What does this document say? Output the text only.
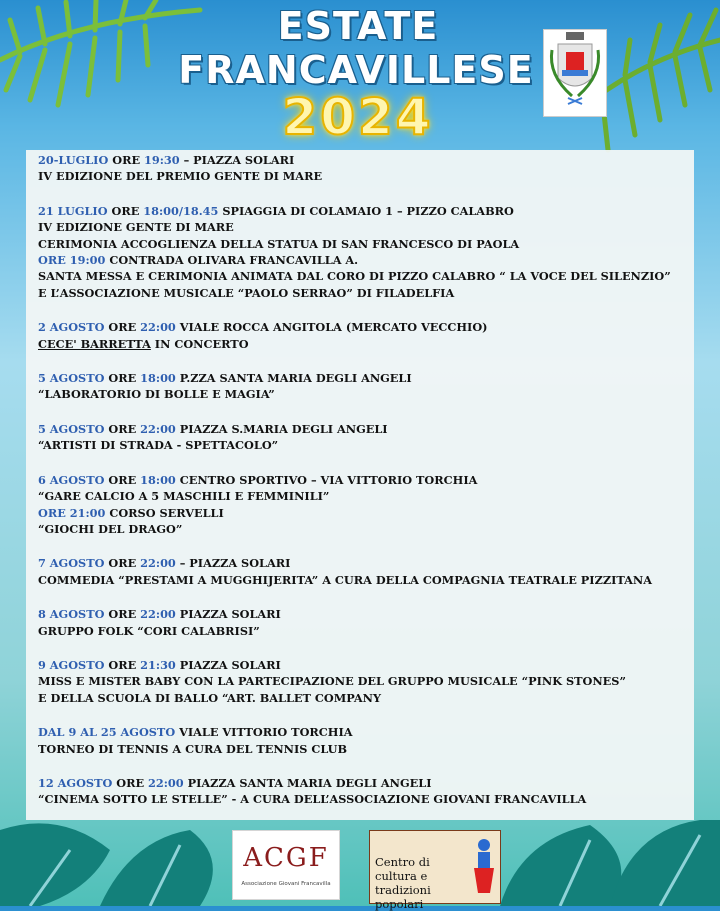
ESTATE
FRANCAVILLESE
2024
20-LUGLIO ORE 19:30 – PIAZZA SOLARI
IV EDIZIONE DEL PREMIO GENTE DI MARE
21 LUGLIO ORE 18:00/18.45 SPIAGGIA DI COLAMAIO 1 – PIZZO CALABRO
IV EDIZIONE GENTE DI MARE
CERIMONIA ACCOGLIENZA DELLA STATUA DI SAN FRANCESCO DI PAOLA
ORE 19:00 CONTRADA OLIVARA FRANCAVILLA A.
SANTA MESSA E CERIMONIA ANIMATA DAL CORO DI PIZZO CALABRO “ LA VOCE DEL SILENZIO”
E L’ASSOCIAZIONE MUSICALE “PAOLO SERRAO” DI FILADELFIA
2 AGOSTO ORE 22:00 VIALE ROCCA ANGITOLA (MERCATO VECCHIO)
CECE' BARRETTA IN CONCERTO
5 AGOSTO ORE 18:00 P.ZZA SANTA MARIA DEGLI ANGELI
“LABORATORIO DI BOLLE E MAGIA”
5 AGOSTO ORE 22:00 PIAZZA S.MARIA DEGLI ANGELI
“ARTISTI DI STRADA - SPETTACOLO”
6 AGOSTO ORE 18:00 CENTRO SPORTIVO – VIA VITTORIO TORCHIA
“GARE CALCIO A 5 MASCHILI E FEMMINILI”
ORE 21:00 CORSO SERVELLI
“GIOCHI DEL DRAGO”
7 AGOSTO ORE 22:00 – PIAZZA SOLARI
COMMEDIA “PRESTAMI A MUGGHIJERITA” A CURA DELLA COMPAGNIA TEATRALE PIZZITANA
8 AGOSTO ORE 22:00 PIAZZA SOLARI
GRUPPO FOLK “CORI CALABRISI”
9 AGOSTO ORE 21:30 PIAZZA SOLARI
MISS E MISTER BABY CON LA PARTECIPAZIONE DEL GRUPPO MUSICALE “PINK STONES”
E DELLA SCUOLA DI BALLO “ART. BALLET COMPANY
DAL 9 AL 25 AGOSTO VIALE VITTORIO TORCHIA
TORNEO DI TENNIS A CURA DEL TENNIS CLUB
12 AGOSTO ORE 22:00 PIAZZA SANTA MARIA DEGLI ANGELI
“CINEMA SOTTO LE STELLE” - A CURA DELL’ASSOCIAZIONE GIOVANI FRANCAVILLA
ACGF
Associazione Giovani Francavilla
Centro di cultura e tradizioni popolari
